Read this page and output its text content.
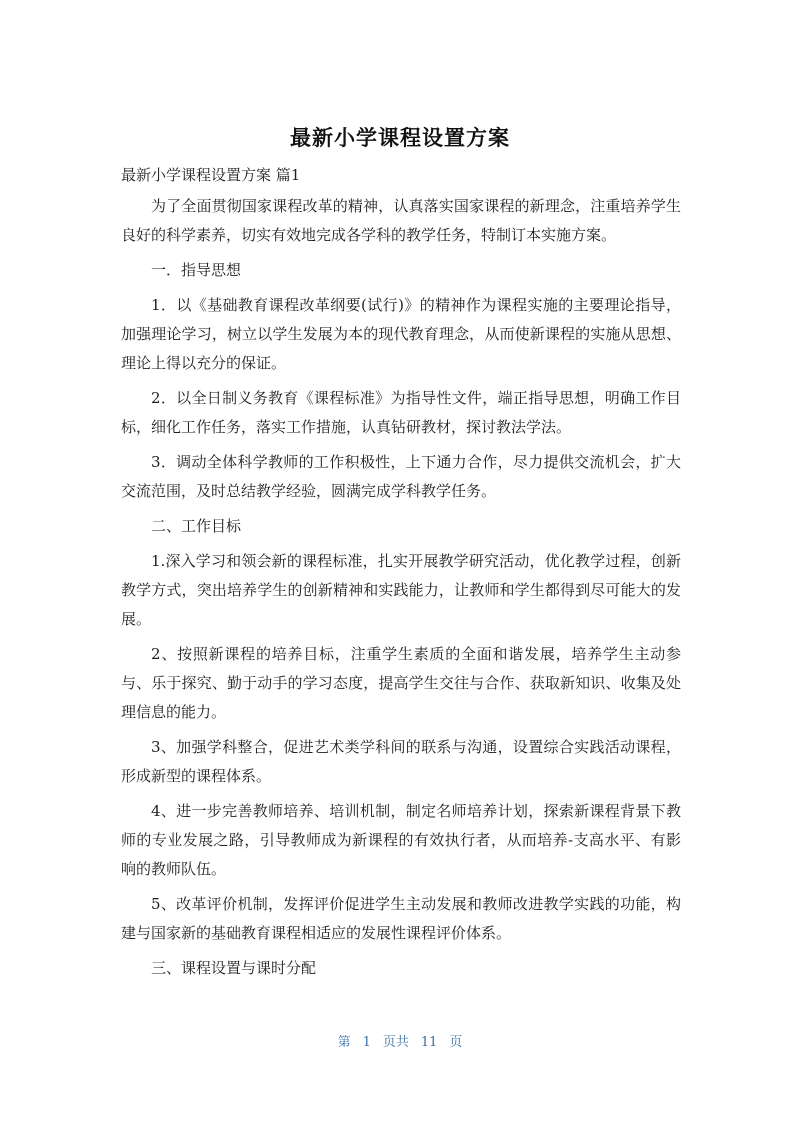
最新小学课程设置方案
最新小学课程设置方案 篇1

为了全面贯彻国家课程改革的精神，认真落实国家课程的新理念，注重培养学生良好的科学素养，切实有效地完成各学科的教学任务，特制订本实施方案。

一．指导思想

1．以《基础教育课程改革纲要(试行)》的精神作为课程实施的主要理论指导，加强理论学习，树立以学生发展为本的现代教育理念，从而使新课程的实施从思想、理论上得以充分的保证。

2．以全日制义务教育《课程标准》为指导性文件，端正指导思想，明确工作目标，细化工作任务，落实工作措施，认真钻研教材，探讨教法学法。

3．调动全体科学教师的工作积极性，上下通力合作，尽力提供交流机会，扩大交流范围，及时总结教学经验，圆满完成学科教学任务。

二、工作目标

1.深入学习和领会新的课程标准，扎实开展教学研究活动，优化教学过程，创新教学方式，突出培养学生的创新精神和实践能力，让教师和学生都得到尽可能大的发展。

2、按照新课程的培养目标，注重学生素质的全面和谐发展，培养学生主动参与、乐于探究、勤于动手的学习态度，提高学生交往与合作、获取新知识、收集及处理信息的能力。

3、加强学科整合，促进艺术类学科间的联系与沟通，设置综合实践活动课程，形成新型的课程体系。

4、进一步完善教师培养、培训机制，制定名师培养计划，探索新课程背景下教师的专业发展之路，引导教师成为新课程的有效执行者，从而培养-支高水平、有影响的教师队伍。

5、改革评价机制，发挥评价促进学生主动发展和教师改进教学实践的功能，构建与国家新的基础教育课程相适应的发展性课程评价体系。

三、课程设置与课时分配

第 1 页共 11 页
